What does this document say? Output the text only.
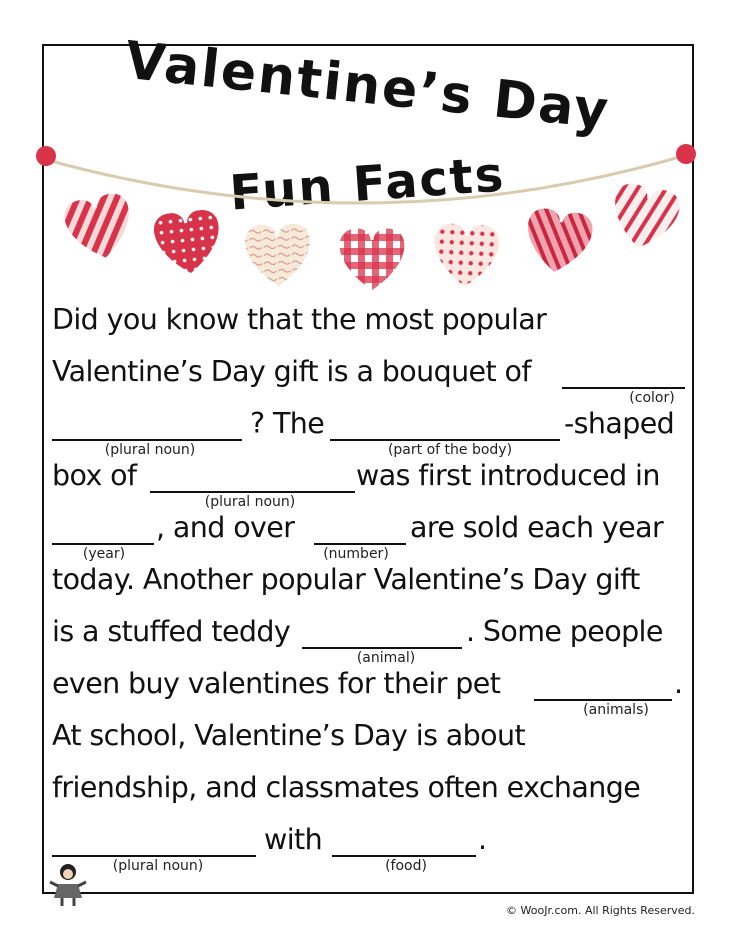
Valentine’s Day
Fun Facts
Did you know that the most popular
Valentine’s Day gift is a bouquet of
(color)
(plural noun)
? The
(part of the body)
-shaped
box of
(plural noun)
was first introduced in
(year)
, and over
(number)
are sold each year
today. Another popular Valentine’s Day gift
is a stuffed teddy
(animal)
. Some people
even buy valentines for their pet
(animals)
.
At school, Valentine’s Day is about
friendship, and classmates often exchange
(plural noun)
with
(food)
.
© WooJr.com. All Rights Reserved.
